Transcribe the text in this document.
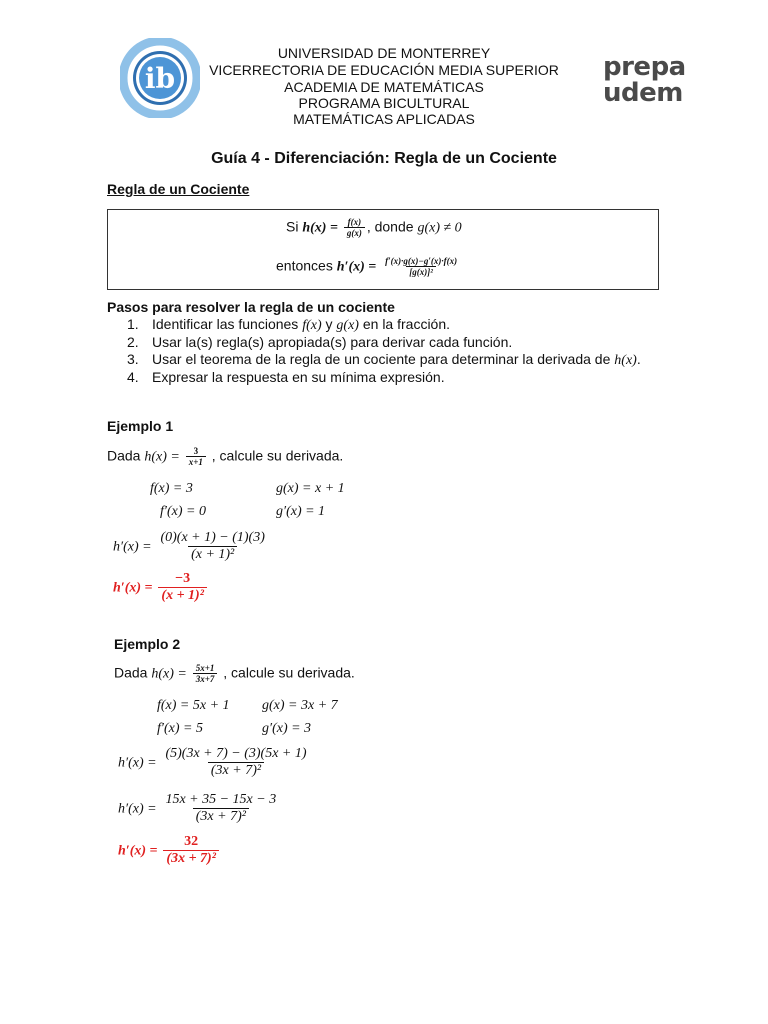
ib
UNIVERSIDAD DE MONTERREY
VICERRECTORIA DE EDUCACIÓN MEDIA SUPERIOR
ACADEMIA DE MATEMÁTICAS
PROGRAMA BICULTURAL
MATEMÁTICAS APLICADAS
prepa
udem
Guía 4 - Diferenciación: Regla de un Cociente
Regla de un Cociente
Si $h(x) = \frac{f(x)}{g(x)}$ , donde g(x) ≠ 0
entonces $h'(x) = \frac{f'(x)\cdot g(x)-g'(x)\cdot f(x)}{\text{[g(x)]²}}$
Pasos para resolver la regla de un cociente
1. Identificar las funciones f(x) y g(x) en la fracción.
2. Usar la(s) regla(s) apropiada(s) para derivar cada función.
3. Usar el teorema de la regla de un cociente para determinar la derivada de h(x).
4. Expresar la respuesta en su mínima expresión.
Ejemplo 1
Dada $h(x) = \frac{3}{x+1}$ , calcule su derivada.
f(x) = 3	g(x) = x + 1
f′(x) = 0	g′(x) = 1
$h'(x) = \frac{(0)(x + 1) - (1)(3)}{\text{(x + 1)²}}$
$h'(x) = \frac{-3}{\text{(x + 1)²}}$
Ejemplo 2
Dada $h(x) = \frac{5x+1}{3x+7}$ , calcule su derivada.
f(x) = 5x + 1 g(x) = 3x + 7
f′(x) = 5	g′(x) = 3
$h'(x) = \frac{(5)(3x + 7) - (3)(5x + 1)}{\text{(3x + 7)²}}$
$h'(x) = \frac{15x + 35 - 15x - 3}{\text{(3x + 7)²}}$
$h'(x) = \frac{32}{\text{(3x + 7)²}}$
